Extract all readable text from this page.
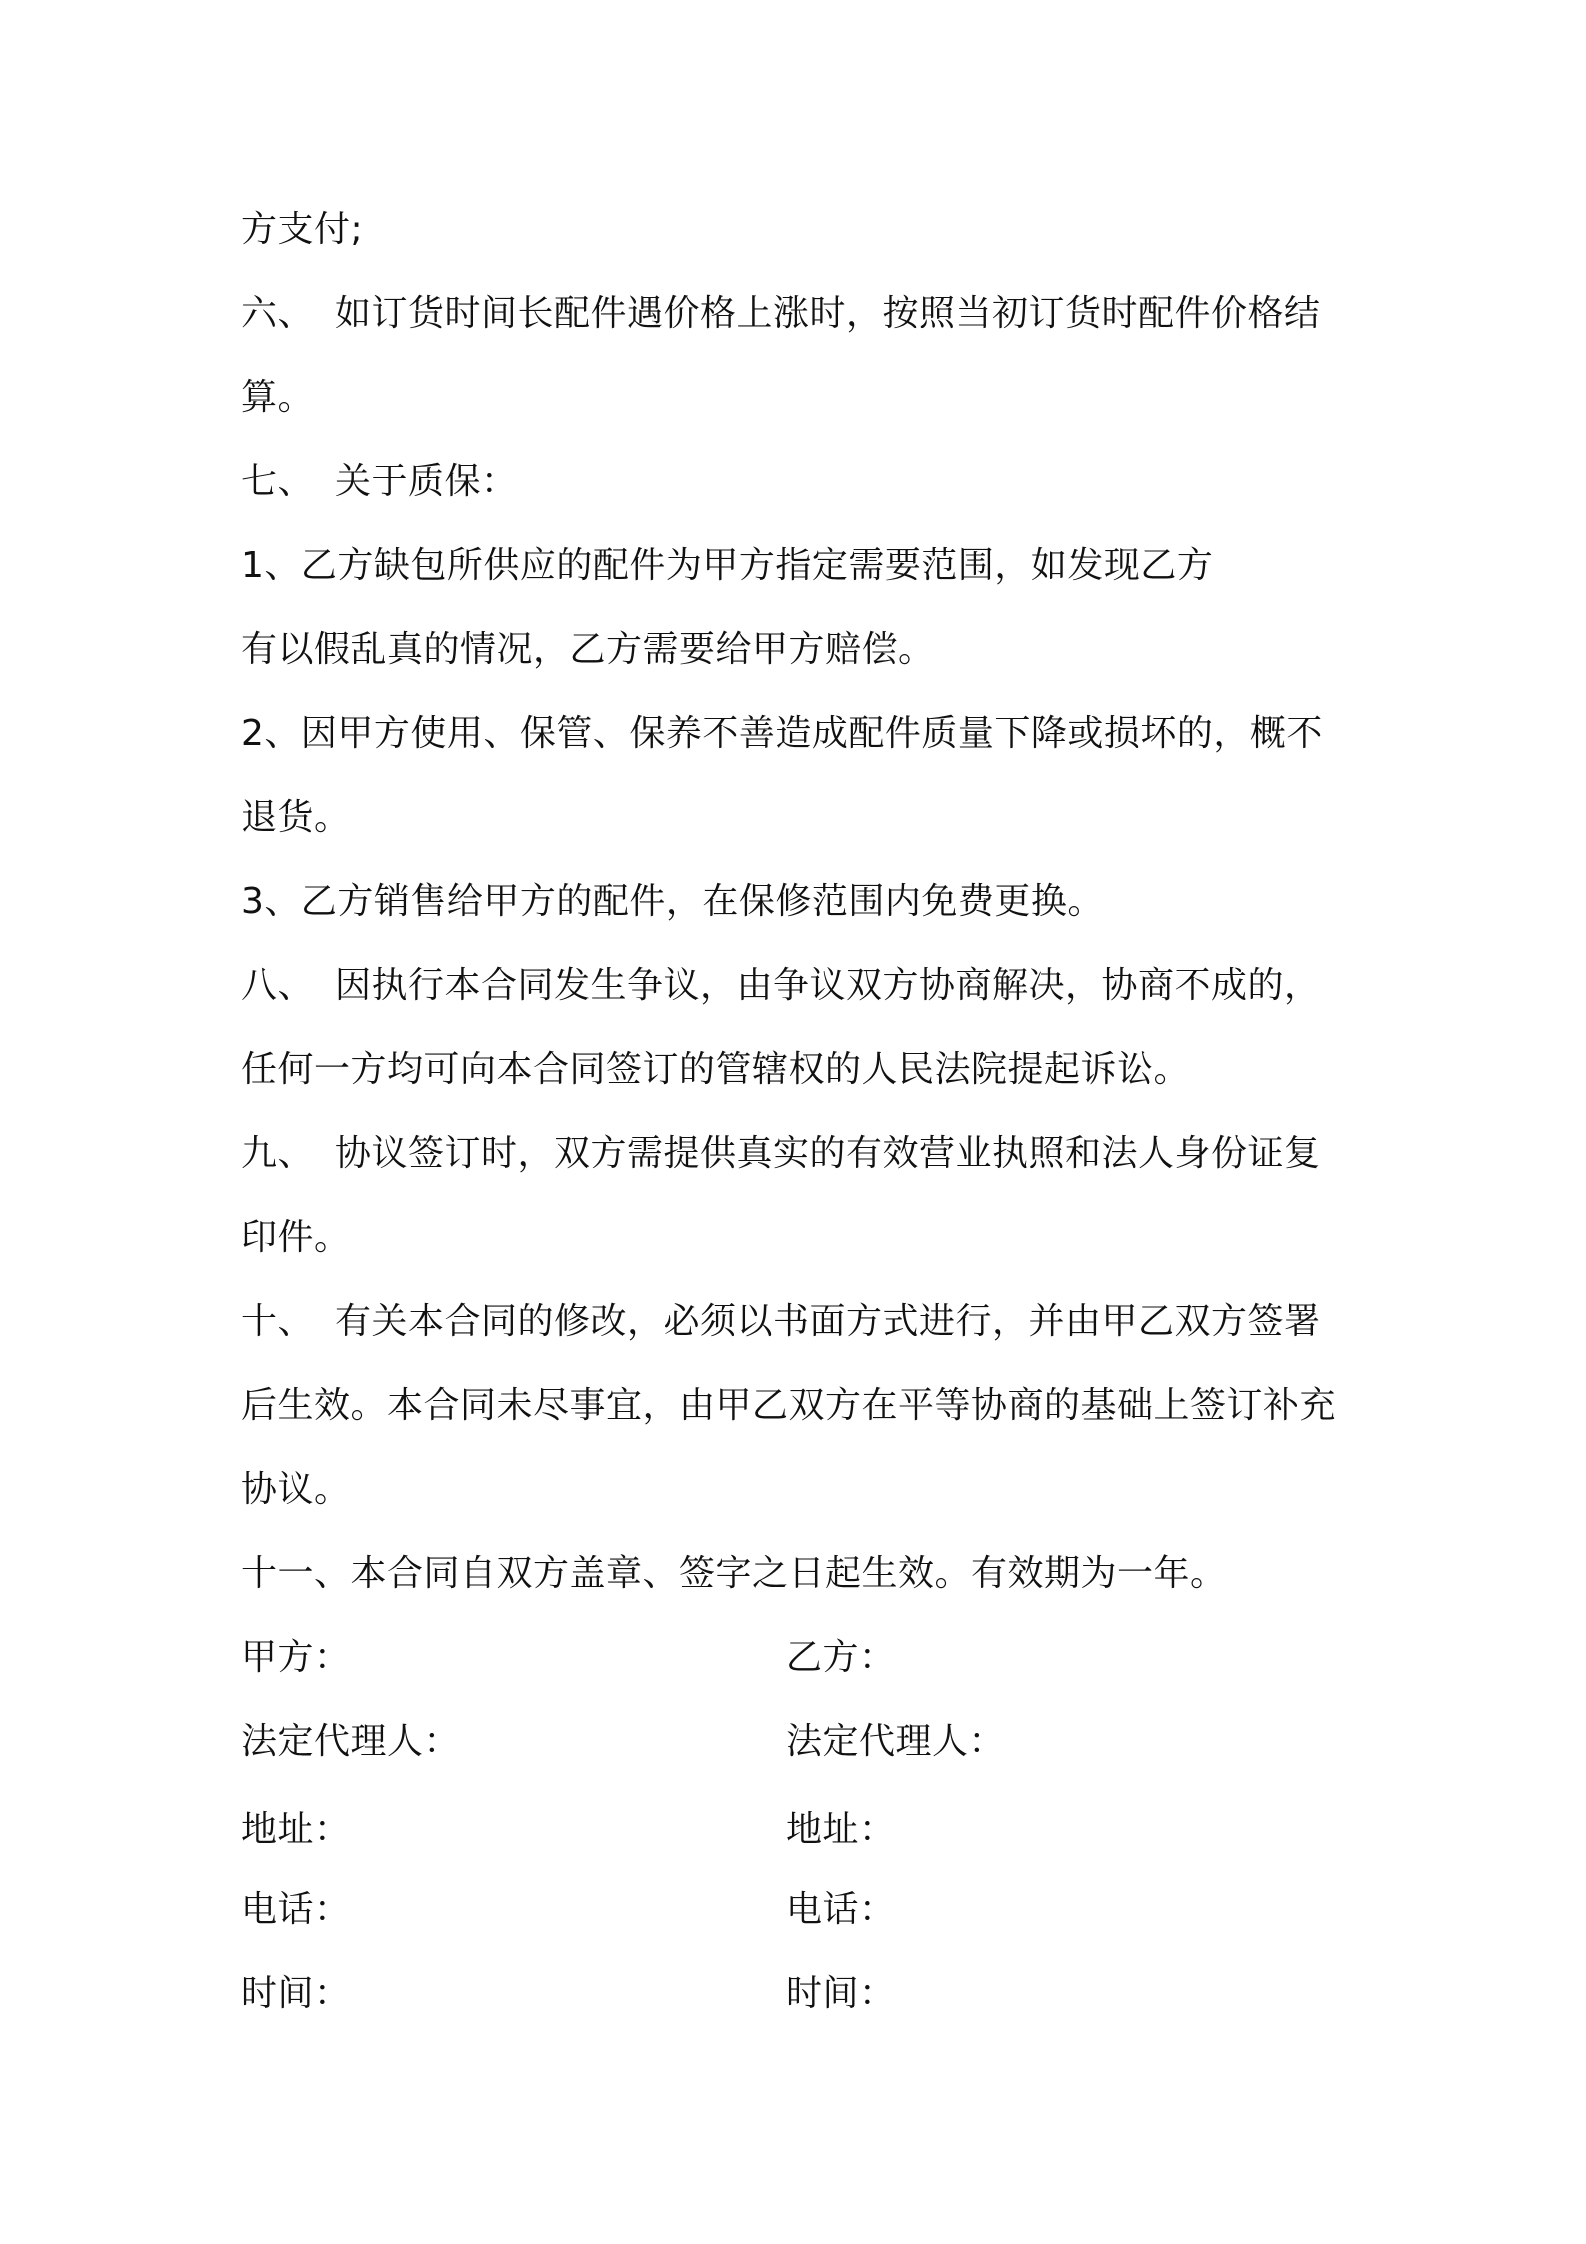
方支付;
六、 如订货时间长配件遇价格上涨时，按照当初订货时配件价格结
算。
七、 关于质保：
1、乙方缺包所供应的配件为甲方指定需要范围，如发现乙方
有以假乱真的情况，乙方需要给甲方赔偿。
2、因甲方使用、保管、保养不善造成配件质量下降或损坏的，概不
退货。
3、乙方销售给甲方的配件，在保修范围内免费更换。
八、 因执行本合同发生争议，由争议双方协商解决，协商不成的，
任何一方均可向本合同签订的管辖权的人民法院提起诉讼。
九、 协议签订时，双方需提供真实的有效营业执照和法人身份证复
印件。
十、 有关本合同的修改，必须以书面方式进行，并由甲乙双方签署
后生效。本合同未尽事宜，由甲乙双方在平等协商的基础上签订补充
协议。
十一、本合同自双方盖章、签字之日起生效。有效期为一年。
甲方：	乙方：
法定代理人：	法定代理人：
地址：	地址：
电话：	电话：
时间：	时间：
